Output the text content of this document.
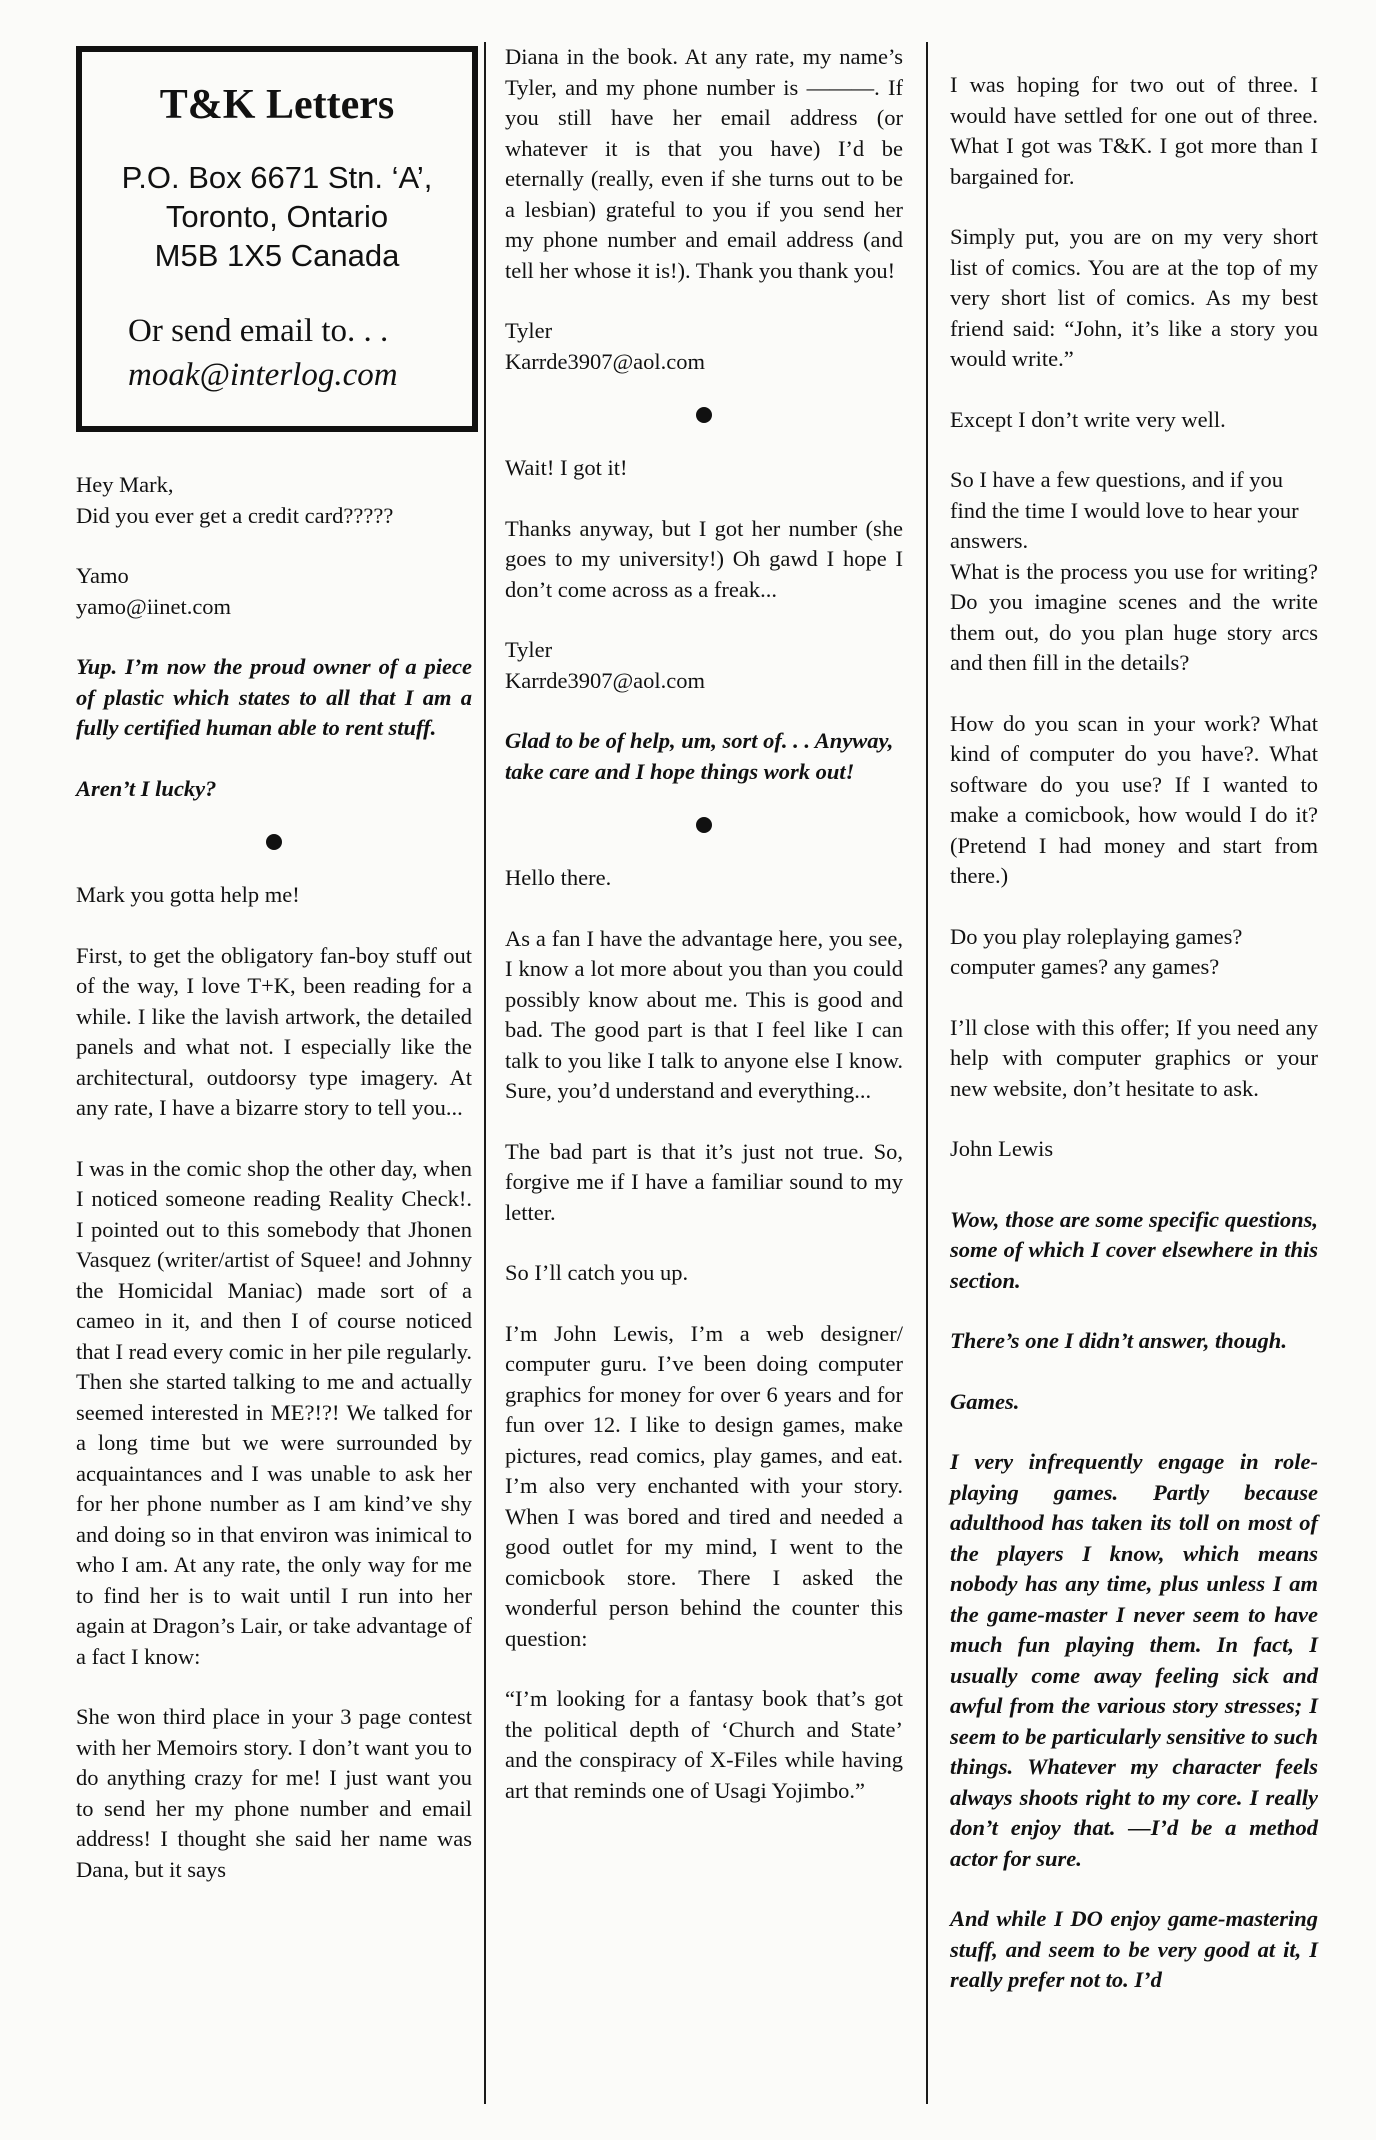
T&K Letters
P.O. Box 6671 Stn. ‘A’,
Toronto, Ontario
M5B 1X5 Canada
Or send email to. . .
moak@interlog.com

Hey Mark,

Did you ever get a credit card?????

Yamo

yamo@iinet.com

Yup. I’m now the proud owner of a piece of plastic which states to all that I am a fully certified human able to rent stuff.

Aren’t I lucky?

Mark you gotta help me!

First, to get the obligatory fan-boy stuff out of the way, I love T+K, been reading for a while. I like the lavish artwork, the detailed panels and what not. I especially like the architectural, outdoorsy type imagery. At any rate, I have a bizarre story to tell you...

I was in the comic shop the other day, when I noticed someone reading Reality Check!. I pointed out to this somebody that Jhonen Vasquez (writer/artist of Squee! and Johnny the Homicidal Maniac) made sort of a cameo in it, and then I of course noticed that I read every comic in her pile regularly. Then she started talking to me and actually seemed interested in ME?!?! We talked for a long time but we were surrounded by acquaintances and I was unable to ask her for her phone number as I am kind’ve shy and doing so in that environ was inimical to who I am. At any rate, the only way for me to find her is to wait until I run into her again at Dragon’s Lair, or take advantage of a fact I know:

She won third place in your 3 page contest with her Memoirs story. I don’t want you to do anything crazy for me! I just want you to send her my phone number and email address! I thought she said her name was Dana, but it says

Diana in the book. At any rate, my name’s Tyler, and my phone number is ———. If you still have her email address (or whatever it is that you have) I’d be eternally (really, even if she turns out to be a lesbian) grateful to you if you send her my phone number and email address (and tell her whose it is!). Thank you thank you!

Tyler

Karrde3907@aol.com

Wait! I got it!

Thanks anyway, but I got her number (she goes to my university!) Oh gawd I hope I don’t come across as a freak...

Tyler

Karrde3907@aol.com

Glad to be of help, um, sort of. . . Anyway, take care and I hope things work out!

Hello there.

As a fan I have the advantage here, you see, I know a lot more about you than you could possibly know about me. This is good and bad. The good part is that I feel like I can talk to you like I talk to anyone else I know. Sure, you’d understand and everything...

The bad part is that it’s just not true. So, forgive me if I have a familiar sound to my letter.

So I’ll catch you up.

I’m John Lewis, I’m a web designer/ computer guru. I’ve been doing computer graphics for money for over 6 years and for fun over 12. I like to design games, make pictures, read comics, play games, and eat. I’m also very enchanted with your story. When I was bored and tired and needed a good outlet for my mind, I went to the comicbook store. There I asked the wonderful person behind the counter this question:

“I’m looking for a fantasy book that’s got the political depth of ‘Church and State’ and the conspiracy of X-Files while having art that reminds one of Usagi Yojimbo.”

I was hoping for two out of three. I would have settled for one out of three. What I got was T&K. I got more than I bargained for.

Simply put, you are on my very short list of comics. You are at the top of my very short list of comics. As my best friend said: “John, it’s like a story you would write.”

Except I don’t write very well.

So I have a few questions, and if you find the time I would love to hear your answers.

What is the process you use for writing? Do you imagine scenes and the write them out, do you plan huge story arcs and then fill in the details?

How do you scan in your work? What kind of computer do you have?. What software do you use? If I wanted to make a comicbook, how would I do it? (Pretend I had money and start from there.)

Do you play roleplaying games? computer games? any games?

I’ll close with this offer; If you need any help with computer graphics or your new website, don’t hesitate to ask.

John Lewis

Wow, those are some specific questions, some of which I cover elsewhere in this section.

There’s one I didn’t answer, though.

Games.

I very infrequently engage in role-playing games. Partly because adulthood has taken its toll on most of the players I know, which means nobody has any time, plus unless I am the game-master I never seem to have much fun playing them. In fact, I usually come away feeling sick and awful from the various story stresses; I seem to be particularly sensitive to such things. Whatever my character feels always shoots right to my core. I really don’t enjoy that. —I’d be a method actor for sure.

And while I DO enjoy game-mastering stuff, and seem to be very good at it, I really prefer not to. I’d
